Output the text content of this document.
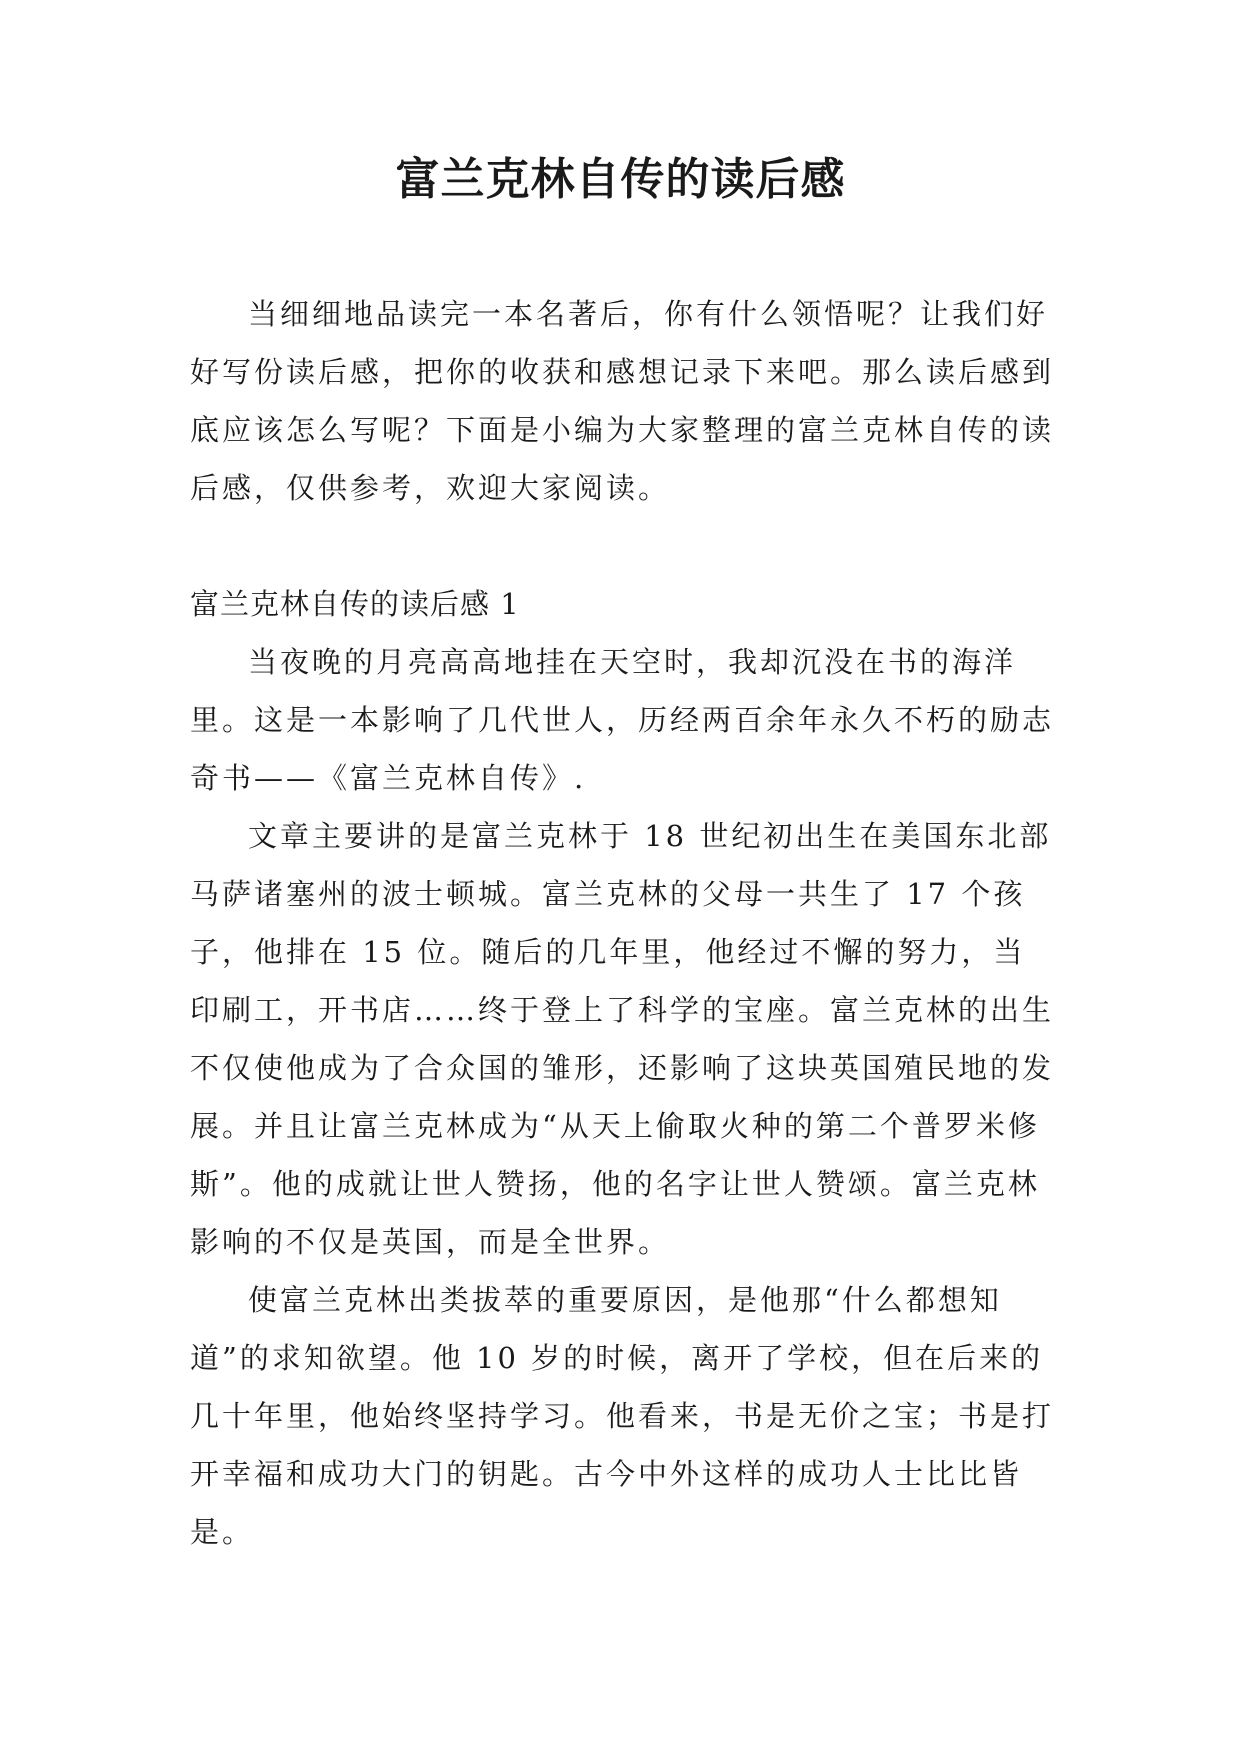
富兰克林自传的读后感

当细细地品读完一本名著后，你有什么领悟呢？让我们好好写份读后感，把你的收获和感想记录下来吧。那么读后感到底应该怎么写呢？下面是小编为大家整理的富兰克林自传的读后感，仅供参考，欢迎大家阅读。

富兰克林自传的读后感 1

当夜晚的月亮高高地挂在天空时，我却沉没在书的海洋里。这是一本影响了几代世人，历经两百余年永久不朽的励志奇书——《富兰克林自传》.

文章主要讲的是富兰克林于 18 世纪初出生在美国东北部马萨诸塞州的波士顿城。富兰克林的父母一共生了 17 个孩子，他排在 15 位。随后的几年里，他经过不懈的努力，当印刷工，开书店……终于登上了科学的宝座。富兰克林的出生不仅使他成为了合众国的雏形，还影响了这块英国殖民地的发展。并且让富兰克林成为“从天上偷取火种的第二个普罗米修斯”。他的成就让世人赞扬，他的名字让世人赞颂。富兰克林影响的不仅是英国，而是全世界。

使富兰克林出类拔萃的重要原因，是他那“什么都想知道”的求知欲望。他 10 岁的时候，离开了学校，但在后来的几十年里，他始终坚持学习。他看来，书是无价之宝；书是打开幸福和成功大门的钥匙。古今中外这样的成功人士比比皆是。
